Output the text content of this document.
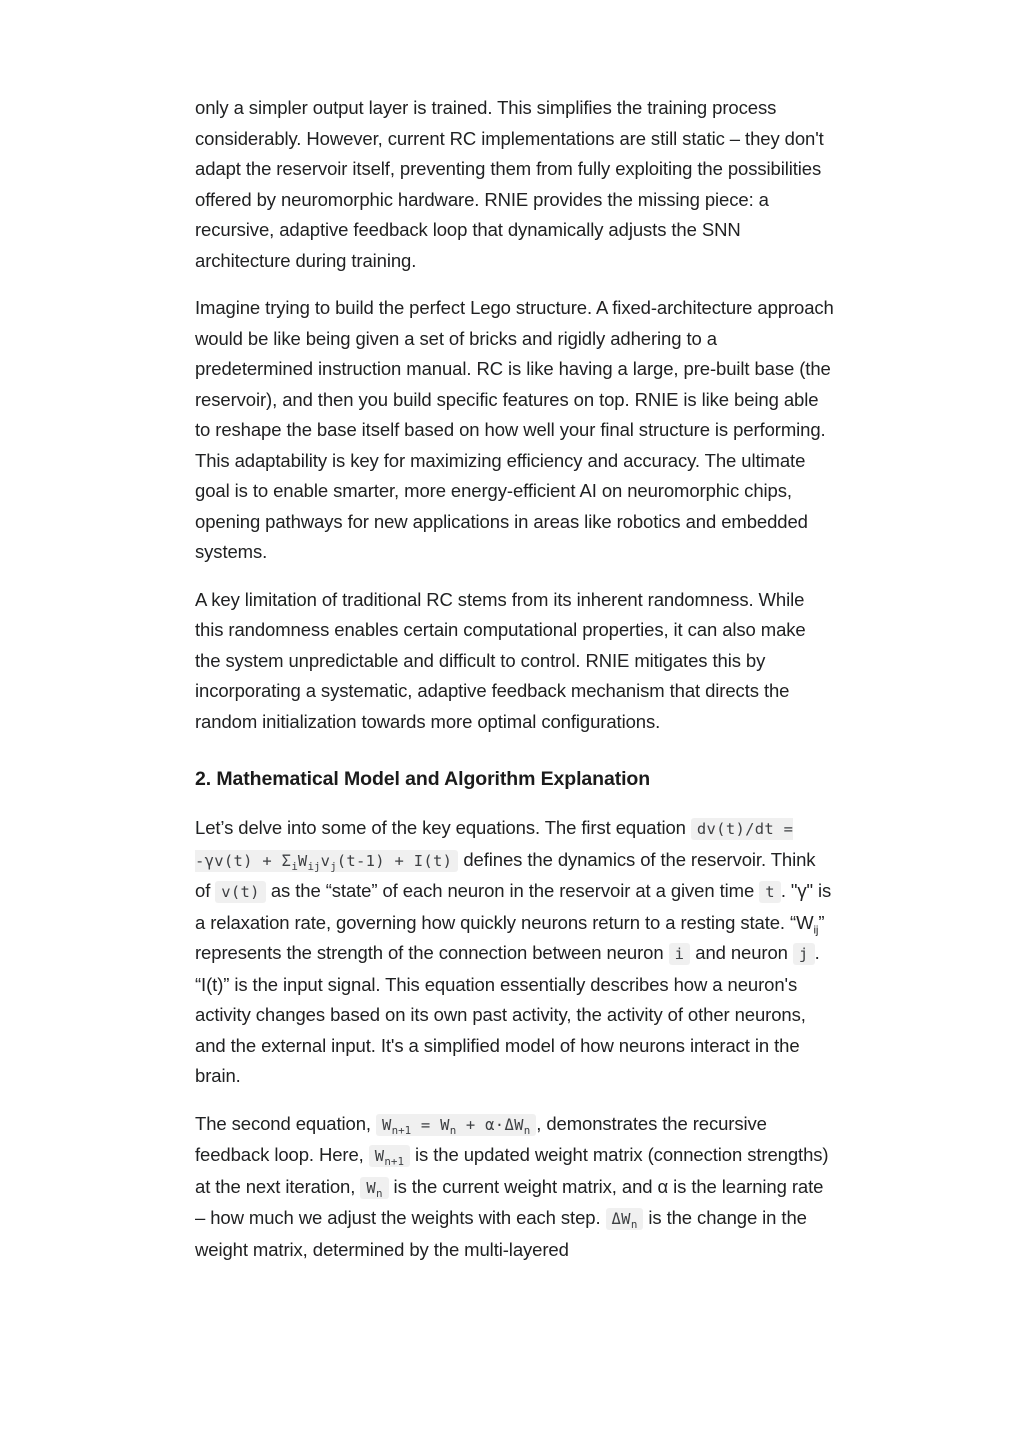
only a simpler output layer is trained. This simplifies the training process considerably. However, current RC implementations are still static – they don't adapt the reservoir itself, preventing them from fully exploiting the possibilities offered by neuromorphic hardware. RNIE provides the missing piece: a recursive, adaptive feedback loop that dynamically adjusts the SNN architecture during training.

Imagine trying to build the perfect Lego structure. A fixed-architecture approach would be like being given a set of bricks and rigidly adhering to a predetermined instruction manual. RC is like having a large, pre-built base (the reservoir), and then you build specific features on top. RNIE is like being able to reshape the base itself based on how well your final structure is performing. This adaptability is key for maximizing efficiency and accuracy. The ultimate goal is to enable smarter, more energy-efficient AI on neuromorphic chips, opening pathways for new applications in areas like robotics and embedded systems.

A key limitation of traditional RC stems from its inherent randomness. While this randomness enables certain computational properties, it can also make the system unpredictable and difficult to control. RNIE mitigates this by incorporating a systematic, adaptive feedback mechanism that directs the random initialization towards more optimal configurations.

2. Mathematical Model and Algorithm Explanation

Let’s delve into some of the key equations. The first equation $dv(t)/dt = -\gamma v(t) + \Sigma_iW_{ij}v_j(t-1) + I(t)$ defines the dynamics of the reservoir. Think of v(t) as the “state” of each neuron in the reservoir at a given time t . "γ" is a relaxation rate, governing how quickly neurons return to a resting state. “$W_{ij}$” represents the strength of the connection between neuron i and neuron j . “I(t)” is the input signal. This equation essentially describes how a neuron's activity changes based on its own past activity, the activity of other neurons, and the external input. It's a simplified model of how neurons interact in the brain.

The second equation, $W_{n+1} = W_n + \alpha\cdot\Delta W_n$ , demonstrates the recursive feedback loop. Here, $W_{n+1}$ is the updated weight matrix (connection strengths) at the next iteration, $W_n$ is the current weight matrix, and α is the learning rate – how much we adjust the weights with each step. $\Delta W_n$ is the change in the weight matrix, determined by the multi-layered
